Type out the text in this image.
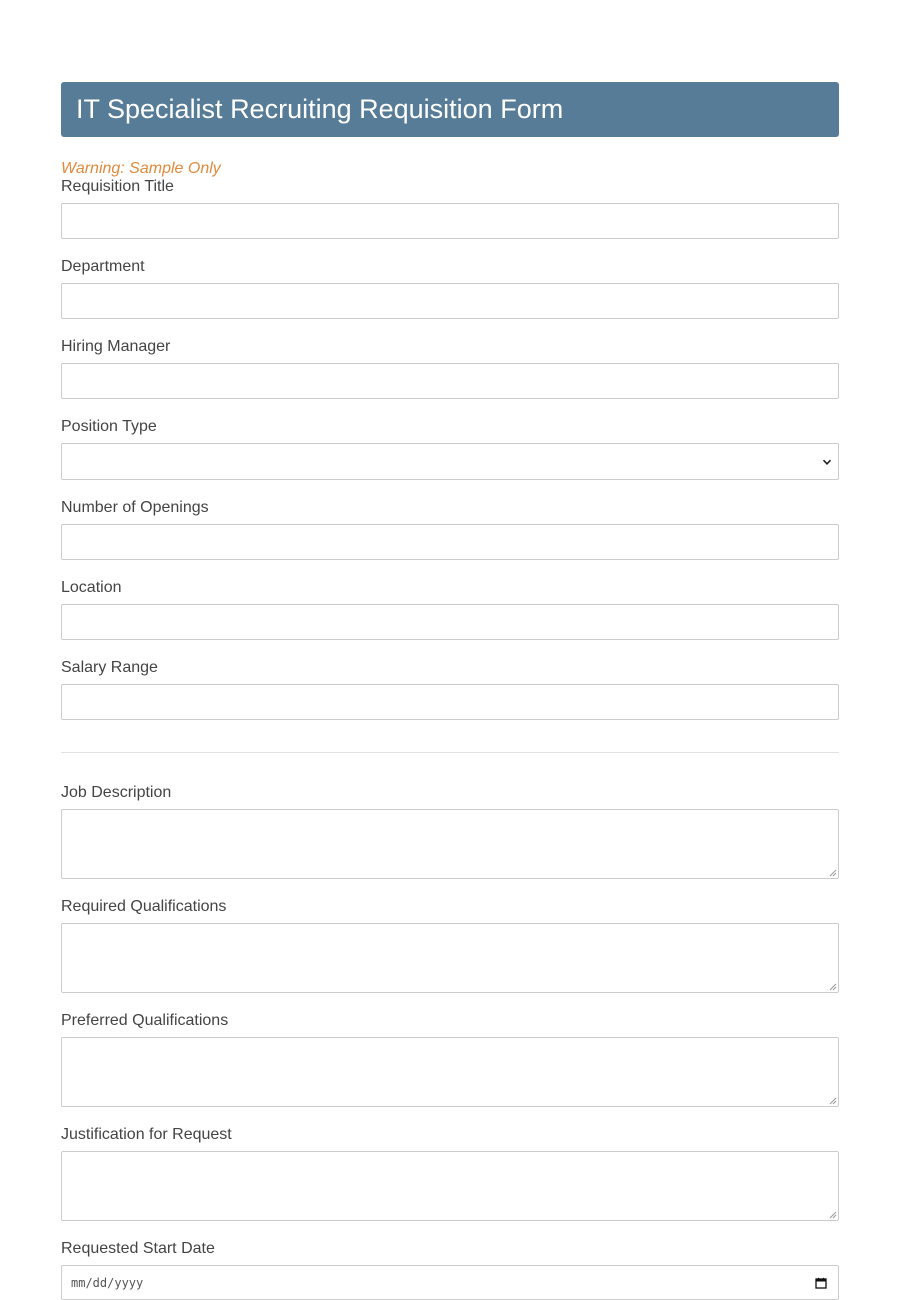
IT Specialist Recruiting Requisition Form
Warning: Sample Only
Requisition Title
Department
Hiring Manager
Position Type
Number of Openings
Location
Salary Range
Job Description
Required Qualifications
Preferred Qualifications
Justification for Request
Requested Start Date
mm/dd/yyyy
